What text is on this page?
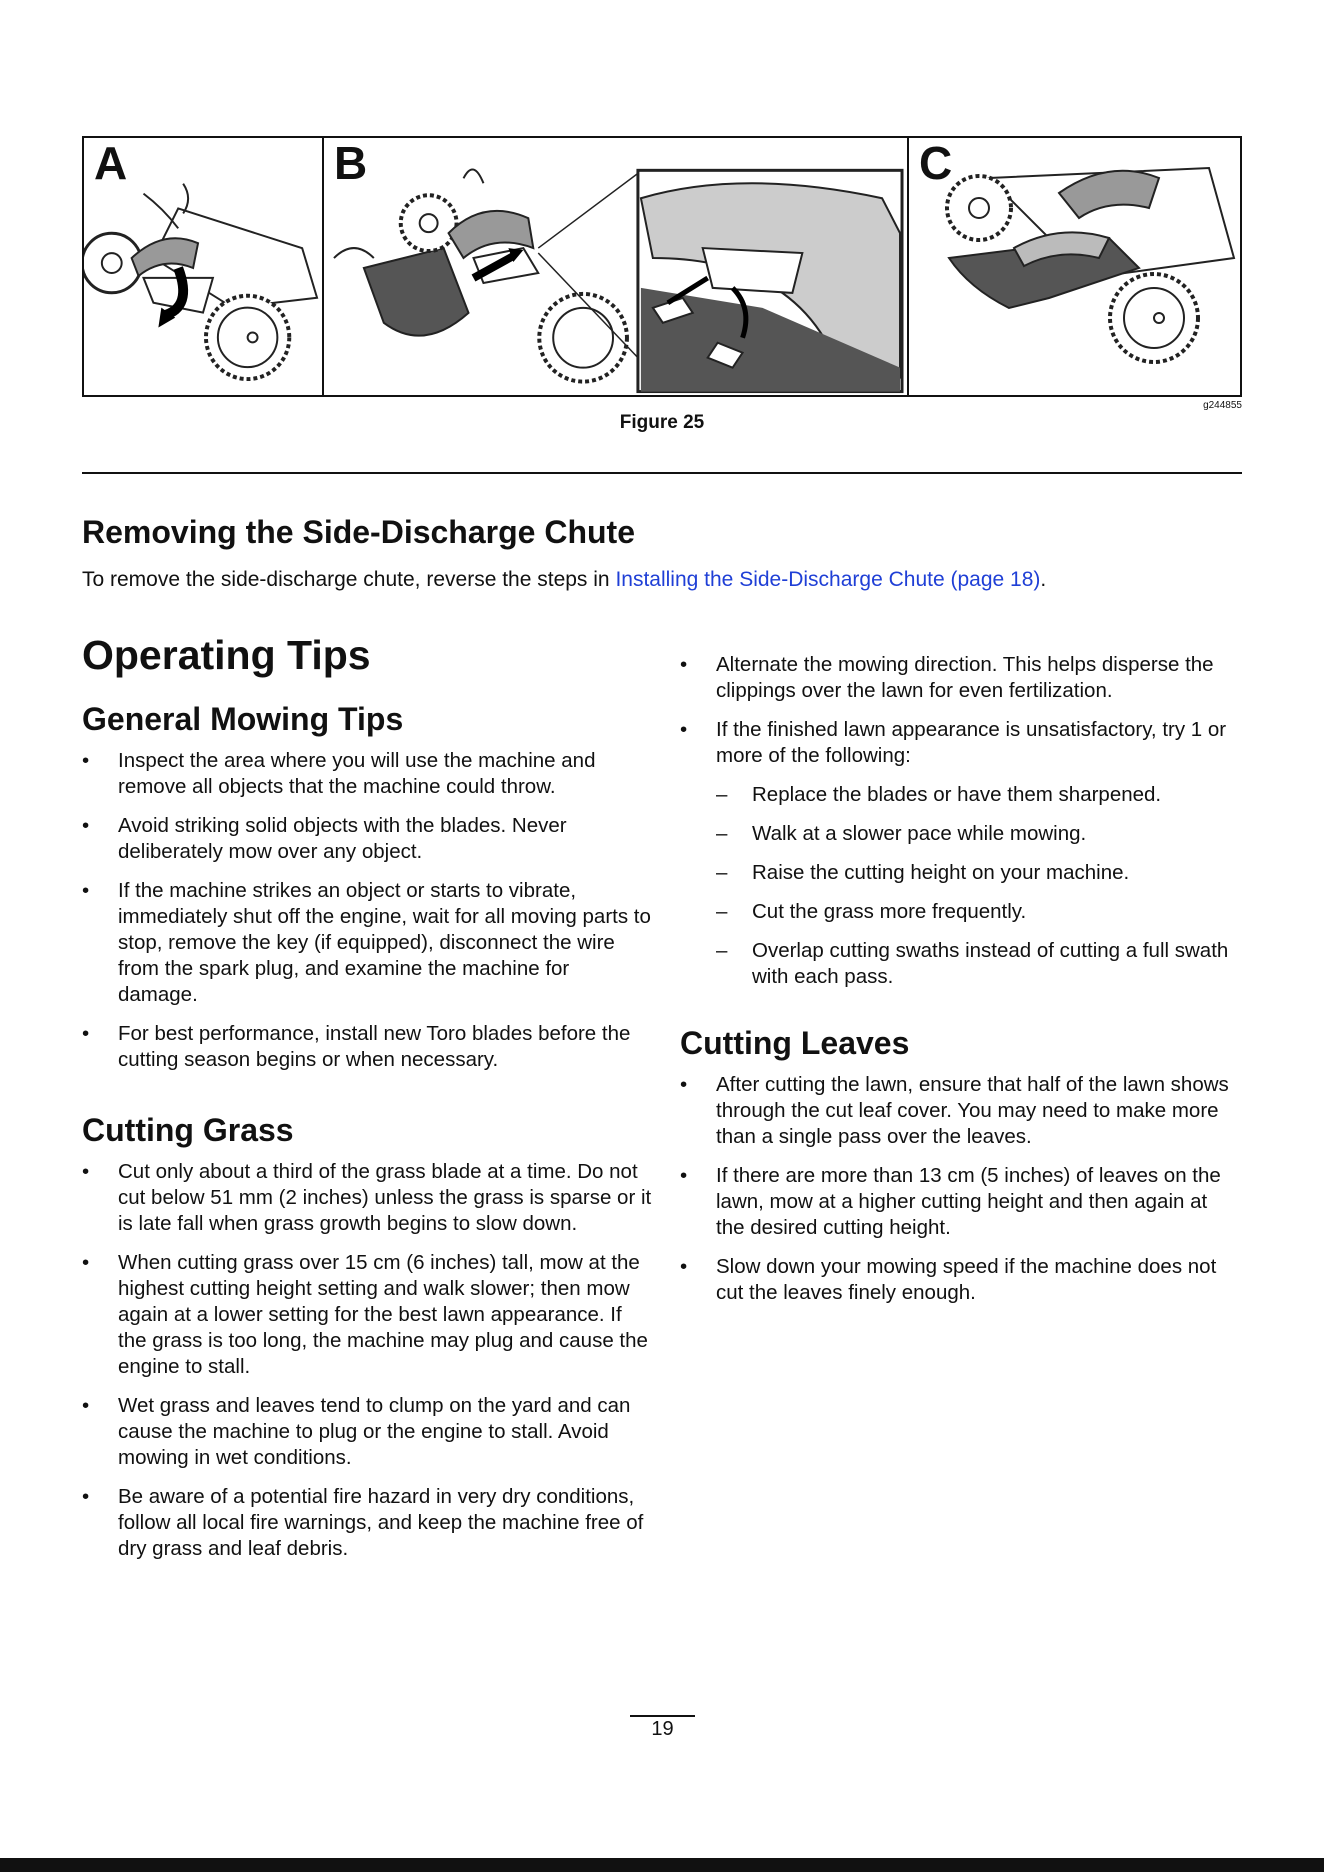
A	B	C
g244855
Figure 25
Removing the Side-Discharge Chute
To remove the side-discharge chute, reverse the steps in Installing the Side-Discharge Chute (page 18).
Operating Tips
General Mowing Tips
• Inspect the area where you will use the machine and remove all objects that the machine could throw.
• Avoid striking solid objects with the blades. Never deliberately mow over any object.
• If the machine strikes an object or starts to vibrate, immediately shut off the engine, wait for all moving parts to stop, remove the key (if equipped), disconnect the wire from the spark plug, and examine the machine for damage.
• For best performance, install new Toro blades before the cutting season begins or when necessary.
Cutting Grass
• Cut only about a third of the grass blade at a time. Do not cut below 51 mm (2 inches) unless the grass is sparse or it is late fall when grass growth begins to slow down.
• When cutting grass over 15 cm (6 inches) tall, mow at the highest cutting height setting and walk slower; then mow again at a lower setting for the best lawn appearance. If the grass is too long, the machine may plug and cause the engine to stall.
• Wet grass and leaves tend to clump on the yard and can cause the machine to plug or the engine to stall. Avoid mowing in wet conditions.
• Be aware of a potential fire hazard in very dry conditions, follow all local fire warnings, and keep the machine free of dry grass and leaf debris.
• Alternate the mowing direction. This helps disperse the clippings over the lawn for even fertilization.
• If the finished lawn appearance is unsatisfactory, try 1 or more of the following:
– Replace the blades or have them sharpened.
– Walk at a slower pace while mowing.
– Raise the cutting height on your machine.
– Cut the grass more frequently.
– Overlap cutting swaths instead of cutting a full swath with each pass.
Cutting Leaves
• After cutting the lawn, ensure that half of the lawn shows through the cut leaf cover. You may need to make more than a single pass over the leaves.
• If there are more than 13 cm (5 inches) of leaves on the lawn, mow at a higher cutting height and then again at the desired cutting height.
• Slow down your mowing speed if the machine does not cut the leaves finely enough.
19
